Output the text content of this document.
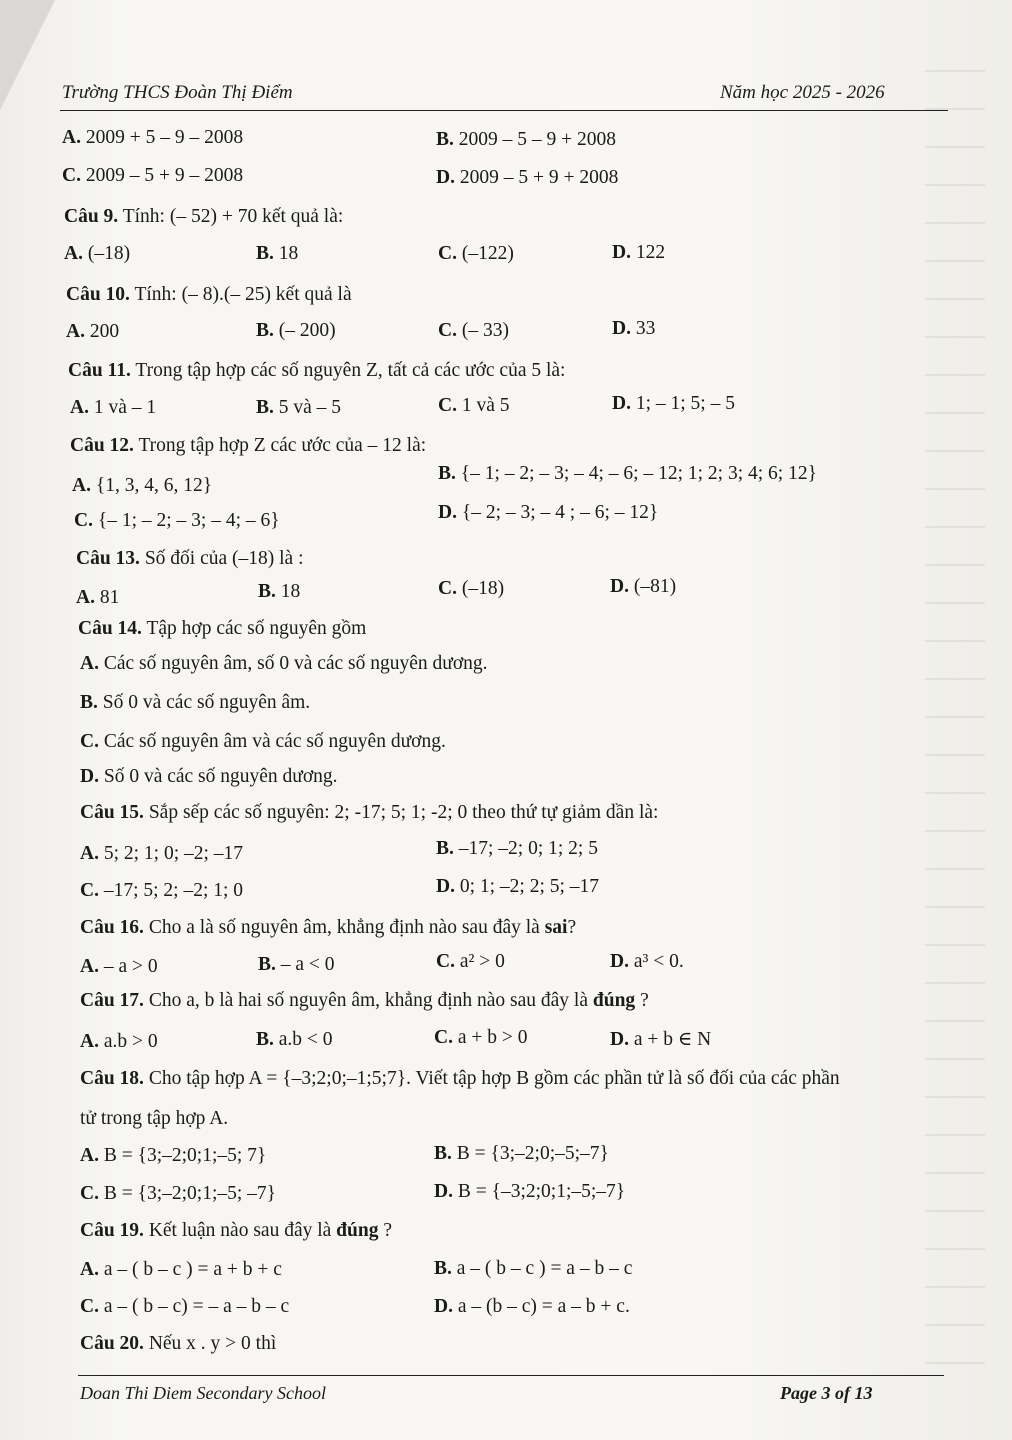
Trường THCS Đoàn Thị Điểm	Năm học 2025 - 2026
A. 2009 + 5 – 9 – 2008	B. 2009 – 5 – 9 + 2008
C. 2009 – 5 + 9 – 2008	D. 2009 – 5 + 9 + 2008
Câu 9. Tính: (– 52) + 70 kết quả là:
A. (–18)	B. 18	C. (–122)	D. 122
Câu 10. Tính: (– 8).(– 25) kết quả là
A. 200	B. (– 200)	C. (– 33)	D. 33
Câu 11. Trong tập hợp các số nguyên Z, tất cả các ước của 5 là:
A. 1 và – 1	B. 5 và – 5	C. 1 và 5	D. 1; – 1; 5; – 5
Câu 12. Trong tập hợp Z các ước của – 12 là:
A. {1, 3, 4, 6, 12}
B. {– 1; – 2; – 3; – 4; – 6; – 12; 1; 2; 3; 4; 6; 12}
C. {– 1; – 2; – 3; – 4; – 6}	D. {– 2; – 3; – 4 ; – 6; – 12}
Câu 13. Số đối của (–18) là :
A. 81	B. 18	C. (–18)	D. (–81)
Câu 14. Tập hợp các số nguyên gồm
A. Các số nguyên âm, số 0 và các số nguyên dương.
B. Số 0 và các số nguyên âm.
C. Các số nguyên âm và các số nguyên dương.
D. Số 0 và các số nguyên dương.
Câu 15. Sắp sếp các số nguyên: 2; -17; 5; 1; -2; 0 theo thứ tự giảm dần là:
A. 5; 2; 1; 0; –2; –17	B. –17; –2; 0; 1; 2; 5
C. –17; 5; 2; –2; 1; 0	D. 0; 1; –2; 2; 5; –17
Câu 16. Cho a là số nguyên âm, khẳng định nào sau đây là sai?
A. – a > 0	B. – a < 0	C. a² > 0	D. a³ < 0.
Câu 17. Cho a, b là hai số nguyên âm, khẳng định nào sau đây là đúng ?
A. a.b > 0	B. a.b < 0	C. a + b > 0	D. a + b ∈ N
Câu 18. Cho tập hợp A = {–3;2;0;–1;5;7}. Viết tập hợp B gồm các phần tử là số đối của các phần
tử trong tập hợp A.
A. B = {3;–2;0;1;–5; 7}	B. B = {3;–2;0;–5;–7}
C. B = {3;–2;0;1;–5; –7}	D. B = {–3;2;0;1;–5;–7}
Câu 19. Kết luận nào sau đây là đúng ?
A. a – ( b – c ) = a + b + c	B. a – ( b – c ) = a – b – c
C. a – ( b – c) = – a – b – c	D. a – (b – c) = a – b + c.
Câu 20. Nếu x . y > 0 thì
Doan Thi Diem Secondary School	Page 3 of 13
